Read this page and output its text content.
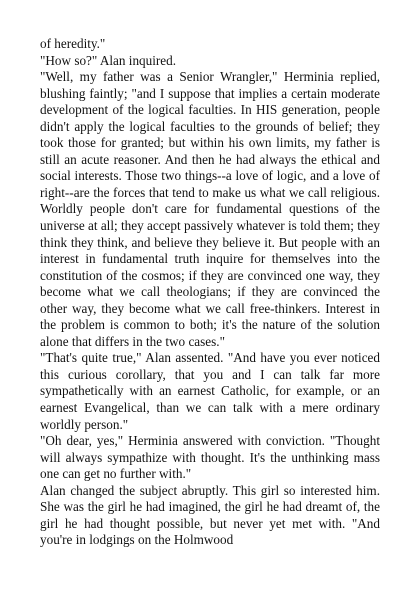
of heredity."

"How so?" Alan inquired.

"Well, my father was a Senior Wrangler," Herminia replied, blushing faintly; "and I suppose that implies a certain moderate development of the logical faculties. In HIS generation, people didn't apply the logical faculties to the grounds of belief; they took those for granted; but within his own limits, my father is still an acute reasoner. And then he had always the ethical and social interests. Those two things--a love of logic, and a love of right--are the forces that tend to make us what we call religious. Worldly people don't care for fundamental questions of the universe at all; they accept passively whatever is told them; they think they think, and believe they believe it. But people with an interest in fundamental truth inquire for themselves into the constitution of the cosmos; if they are convinced one way, they become what we call theologians; if they are convinced the other way, they become what we call free-thinkers. Interest in the problem is common to both; it's the nature of the solution alone that differs in the two cases."

"That's quite true," Alan assented. "And have you ever noticed this curious corollary, that you and I can talk far more sympathetically with an earnest Catholic, for example, or an earnest Evangelical, than we can talk with a mere ordinary worldly person."

"Oh dear, yes," Herminia answered with conviction. "Thought will always sympathize with thought. It's the unthinking mass one can get no further with."

Alan changed the subject abruptly. This girl so interested him. She was the girl he had imagined, the girl he had dreamt of, the girl he had thought possible, but never yet met with. "And you're in lodgings on the Holmwood
